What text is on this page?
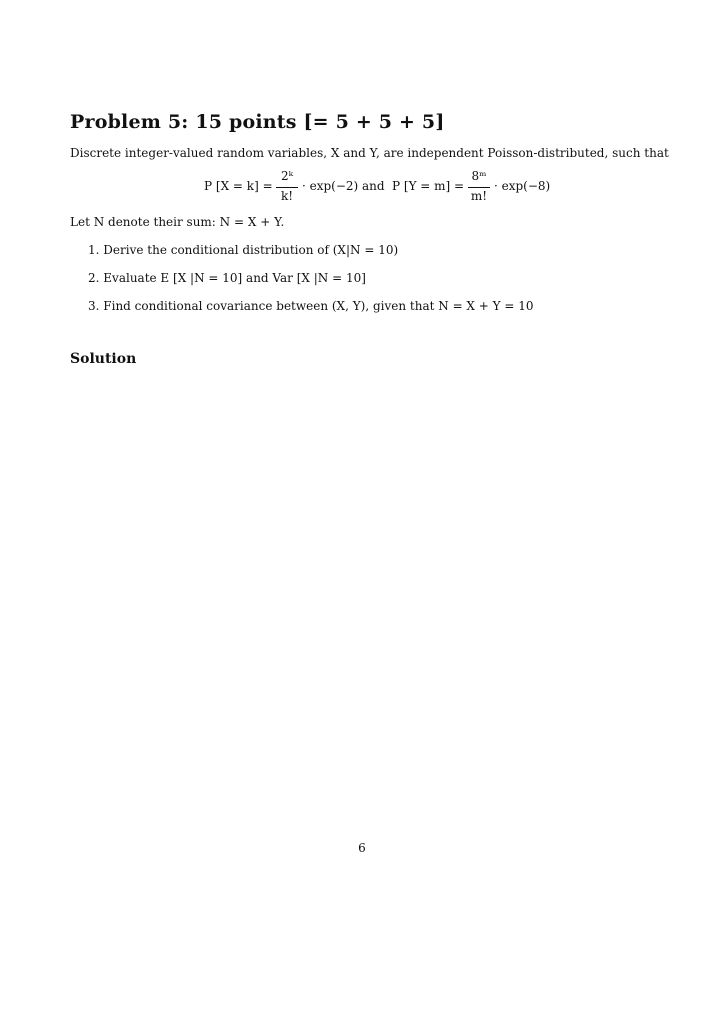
Problem 5: 15 points [= 5 + 5 + 5]
Discrete integer-valued random variables, X and Y, are independent Poisson-distributed, such that
P [X = k] =
2ᵏ
k!
· exp(−2) and P [Y = m] =
8ᵐ
m!
· exp(−8)
Let N denote their sum: N = X + Y.
1. Derive the conditional distribution of (X|N = 10)
2. Evaluate E [X |N = 10] and Var [X |N = 10]
3. Find conditional covariance between (X, Y), given that N = X + Y = 10
Solution
6
